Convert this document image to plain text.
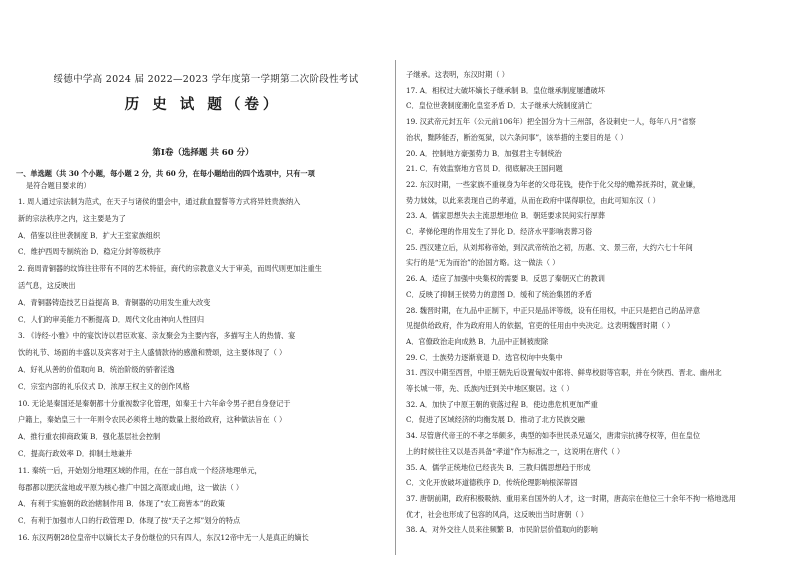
绥德中学高 2024 届 2022—2023 学年度第一学期第二次阶段性考试
历 史 试 题（卷）
第Ⅰ卷（选择题 共 60 分）
一、单选题（共 30 个小题，每小题 2 分，共 60 分，在每小题给出的四个选项中，只有一项
是符合题目要求的）
1. 周人通过宗法制为范式，在天子与诸侯的盟会中，通过歃血盟誓等方式将异姓贵族纳入
新的宗法秩序之内，这主要是为了
A．借鉴以往世袭制度 B．扩大王室家族组织
C．维护西周专制统治 D．稳定分封等级秩序
2. 商周青铜器的纹饰往往带有不同的艺术特征，商代的宗教意义大于审美，而周代则更加注重生
活气息，这反映出
A．青铜器铸造技艺日益提高 B．青铜器的功用发生重大改变
C．人们的审美能力不断提高 D．周代文化由神向人性回归
3. 《诗经·小雅》中的宴饮诗以君臣欢宴、亲友聚会为主要内容，多描写主人的热情、宴
饮的礼节、场面的丰盛以及宾客对于主人盛情款待的感激和赞颂，这主要体现了（ ）
A．好礼从善的价值取向 B．统治阶级的骄奢淫逸
C．宗室内部的礼乐仪式 D．浓厚王权主义的创作风格
10. 无论是秦国还是秦朝都十分重视数字化管理，如秦王十六年命令男子把自身登记于
户籍上，秦始皇三十一年则令农民必须将土地的数量上报给政府，这种做法旨在（ ）
A．推行重农抑商政策 B．强化基层社会控制
C．提高行政效率 D．抑制土地兼并
11. 秦统一后，开始划分地理区域的作用，在在一部自成一个经济地理单元，
每郡都以肥沃盆地或平原为核心推广中国之高原或山地，这一做法（ ）
A．有利于实施朝的政治辖制作用 B．体现了“农工商皆本”的政策
C．有利于加强市人口的行政管理 D．体现了按“天子之邦”划分的特点
16. 东汉两朝28位皇帝中以嫡长太子身份继位的只有四人，东汉12帝中无一人是真正的嫡长
子继承。这表明，东汉时期（ ）
17. A．相权过大破坏嫡长子继承制 B．皇位继承制度屡遭破坏
C．皇位世袭制度潮化皇室矛盾 D．太子继承大统制度消亡
19. 汉武帝元封五年（公元前106年）把全国分为十三州部，各设刺史一人，每年八月“省察
治状，黜陟能否，断治冤狱，以六条问事”，该举措的主要目的是（ ）
20. A．控制地方豪强势力 B．加强君主专制统治
21. C．有效监察地方官员 D．彻底解决王国问题
22. 东汉时期，一些家族不重视身为年老的父母花钱，使作于化父母的赡养抚养时，就业嫌，
势力妹妹，以此来表现自己的孝道，从而在政府中谋得职位，由此可知东汉（ ）
23. A．儒家思想失去主流思想地位 B．朝廷要求民间实行厚葬
C．孝悌伦理的作用发生了异化 D．经济水平影响表葬习俗
25. 西汉建立后，从刘邦称帝始，到汉武帝统治之初，历惠、文、景三帝，大约六七十年间
实行的是“无为而治”的治国方略。这一做法（ ）
26. A．适应了加强中央集权的需要 B．反思了秦朝灭亡的教训
C．反映了抑制王侯势力的意图 D．缓和了统治集团的矛盾
28. 魏晋时期，在九品中正制下，中正只是品评等级，设有任用权，中正只是把自己的品评意
见提供给政府，作为政府用人的依据，官吏的任用由中央决定。这表明魏晋时期（ ）
A．官僚政治走向成熟 B．九品中正制被废除
29. C．士族势力逐渐衰退 D．选官权向中央集中
31. 西汉中期至西晋，中原王朝先后设置匈奴中郎将、鲜卑校尉等官职，并在今陕西、晋北、幽州北
等长城一带，先、氐族内迁到关中地区聚居。这（ ）
32. A．加快了中原王朝的衰落过程 B．使边患危机更加严重
C．促进了区域经济的均衡发展 D．推动了北方民族交融
34. 尽管唐代帝王的不孝之举颇多，典型的如李世民杀兄逼父，唐肃宗抗拂夺权等，但在皇位
上的时候往往又以是否具备“孝道”作为标准之一，这说明在唐代（ ）
35. A．儒学正统地位已经丧失 B．三教归儒思想趋于形成
C．文化开放破坏道德秩序 D．传统伦理影响根深蒂固
37. 唐朝前期，政府积极吸纳、重用来自国外的人才，这一时期，唐高宗在他位三十余年不拘一格地选用
优才，社会也形成了包容的风尚，这反映出当时唐朝（ ）
38. A．对外交往人员来往频繁 B．市民阶层价值取向的影响
